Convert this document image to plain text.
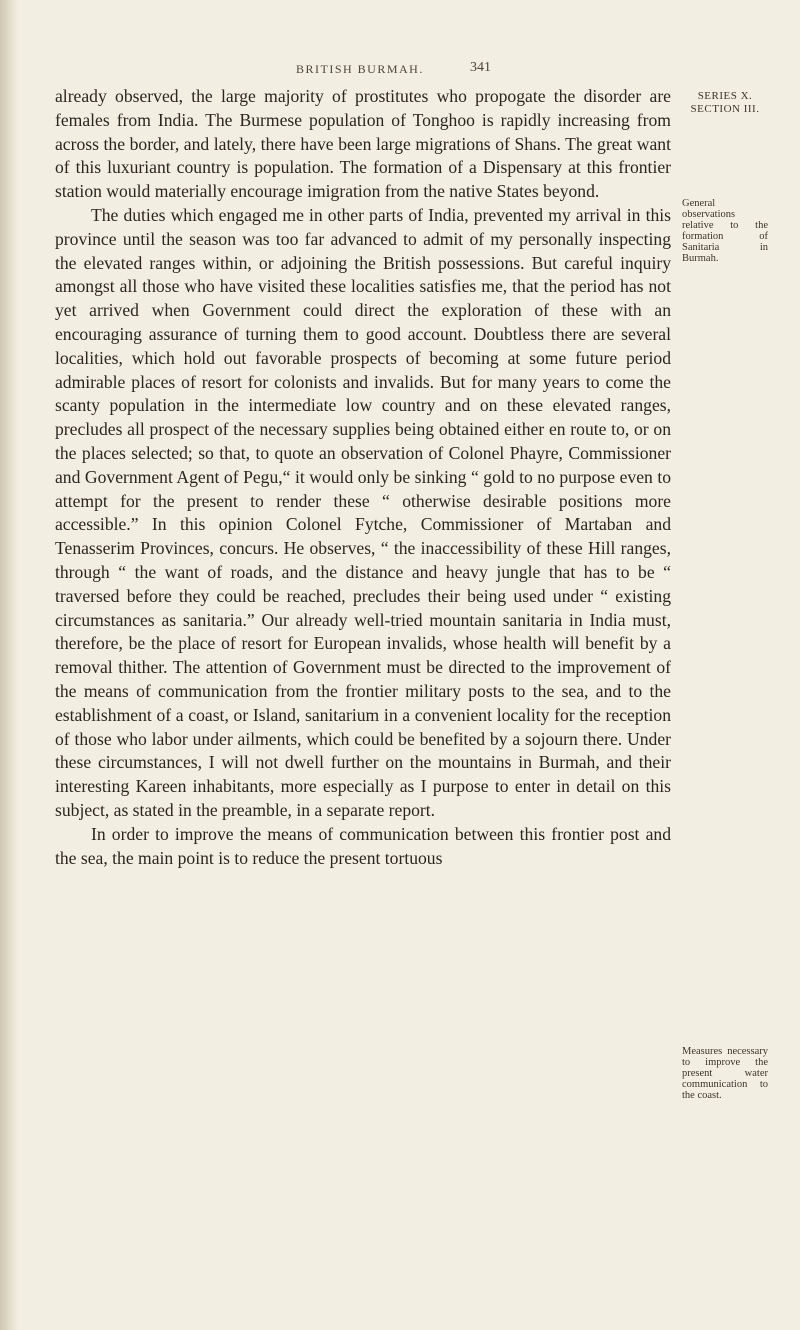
BRITISH BURMAH.	341

already observed, the large majority of prostitutes who propogate the disorder are females from India. The Burmese population of Tonghoo is rapidly increasing from across the border, and lately, there have been large migrations of Shans. The great want of this luxuriant country is population. The formation of a Dispensary at this frontier station would materially encourage imigration from the native States beyond.

The duties which engaged me in other parts of India, prevented my arrival in this province until the season was too far advanced to admit of my personally inspecting the elevated ranges within, or adjoining the British possessions. But careful inquiry amongst all those who have visited these localities satisfies me, that the period has not yet arrived when Government could direct the exploration of these with an encouraging assurance of turning them to good account. Doubtless there are several localities, which hold out favorable prospects of becoming at some future period admirable places of resort for colonists and invalids. But for many years to come the scanty population in the intermediate low country and on these elevated ranges, precludes all prospect of the necessary supplies being obtained either en route to, or on the places selected; so that, to quote an observation of Colonel Phayre, Commissioner and Government Agent of Pegu,“ it would only be sinking “ gold to no purpose even to attempt for the present to render these “ otherwise desirable positions more accessible.” In this opinion Colonel Fytche, Commissioner of Martaban and Tenasserim Provinces, concurs. He observes, “ the inaccessibility of these Hill ranges, through “ the want of roads, and the distance and heavy jungle that has to be “ traversed before they could be reached, precludes their being used under “ existing circumstances as sanitaria.” Our already well-tried mountain sanitaria in India must, therefore, be the place of resort for European invalids, whose health will benefit by a removal thither. The attention of Government must be directed to the improvement of the means of communication from the frontier military posts to the sea, and to the establishment of a coast, or Island, sanitarium in a convenient locality for the reception of those who labor under ailments, which could be benefited by a sojourn there. Under these circumstances, I will not dwell further on the mountains in Burmah, and their interesting Kareen inhabitants, more especially as I purpose to enter in detail on this subject, as stated in the preamble, in a separate report.

In order to improve the means of communication between this frontier post and the sea, the main point is to reduce the present tortuous

SERIES X. SECTION III.
General observations relative to the formation of Sanitaria in Burmah.
Measures necessary to improve the present water communication to the coast.
